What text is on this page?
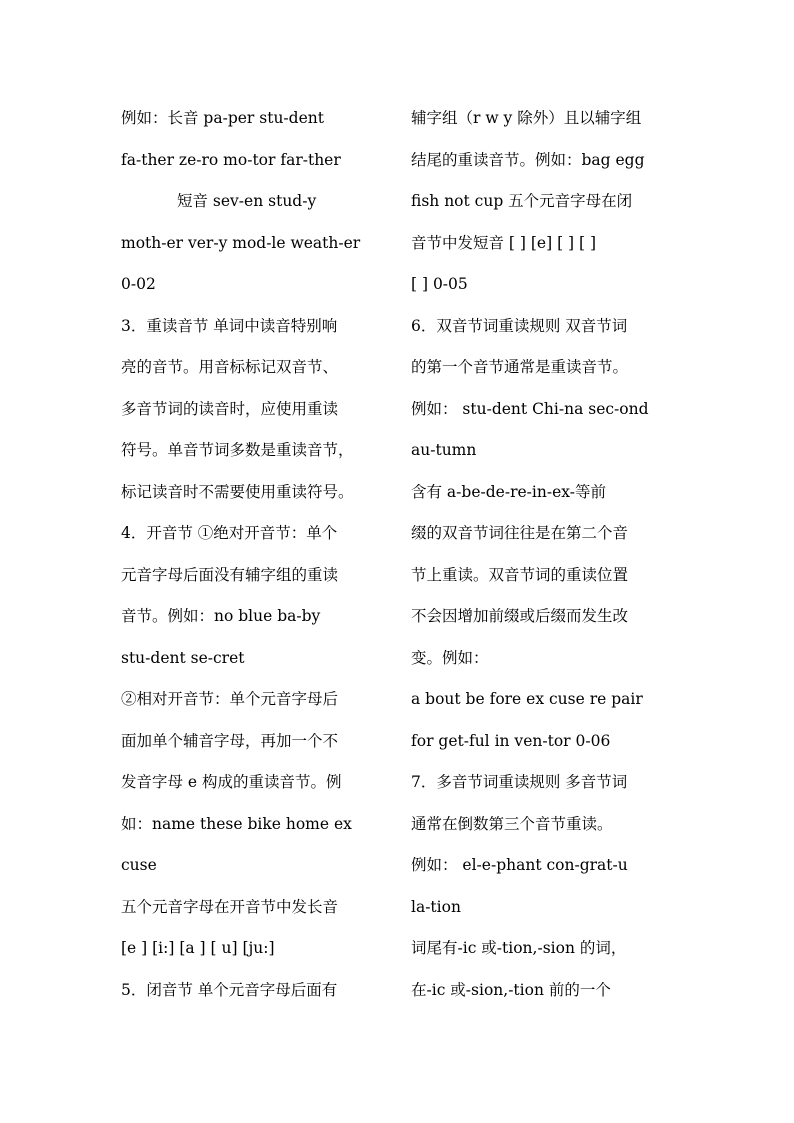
例如：长音 pa-per stu-dent
fa-ther ze-ro mo-tor far-ther
短音 sev-en stud-y
moth-er ver-y mod-le weath-er
0-02
3．重读音节 单词中读音特别响
亮的音节。用音标标记双音节、
多音节词的读音时，应使用重读
符号。单音节词多数是重读音节，
标记读音时不需要使用重读符号。
4．开音节 ①绝对开音节：单个
元音字母后面没有辅字组的重读
音节。例如：no blue ba-by
stu-dent se-cret
②相对开音节：单个元音字母后
面加单个辅音字母，再加一个不
发音字母 e 构成的重读音节。例
如：name these bike home ex
cuse
五个元音字母在开音节中发长音
[e ] [i:] [a ] [ u] [ju:]
5．闭音节 单个元音字母后面有
辅字组（r w y 除外）且以辅字组
结尾的重读音节。例如：bag egg
fish not cup 五个元音字母在闭
音节中发短音 [ ] [e] [ ] [ ]
[ ] 0-05
6．双音节词重读规则 双音节词
的第一个音节通常是重读音节。
例如： stu-dent Chi-na sec-ond
au-tumn
含有 a-be-de-re-in-ex-等前
缀的双音节词往往是在第二个音
节上重读。双音节词的重读位置
不会因增加前缀或后缀而发生改
变。例如：
a bout be fore ex cuse re pair
for get-ful in ven-tor 0-06
7．多音节词重读规则 多音节词
通常在倒数第三个音节重读。
例如： el-e-phant con-grat-u
la-tion
词尾有-ic 或-tion,-sion 的词，
在-ic 或-sion,-tion 前的一个
